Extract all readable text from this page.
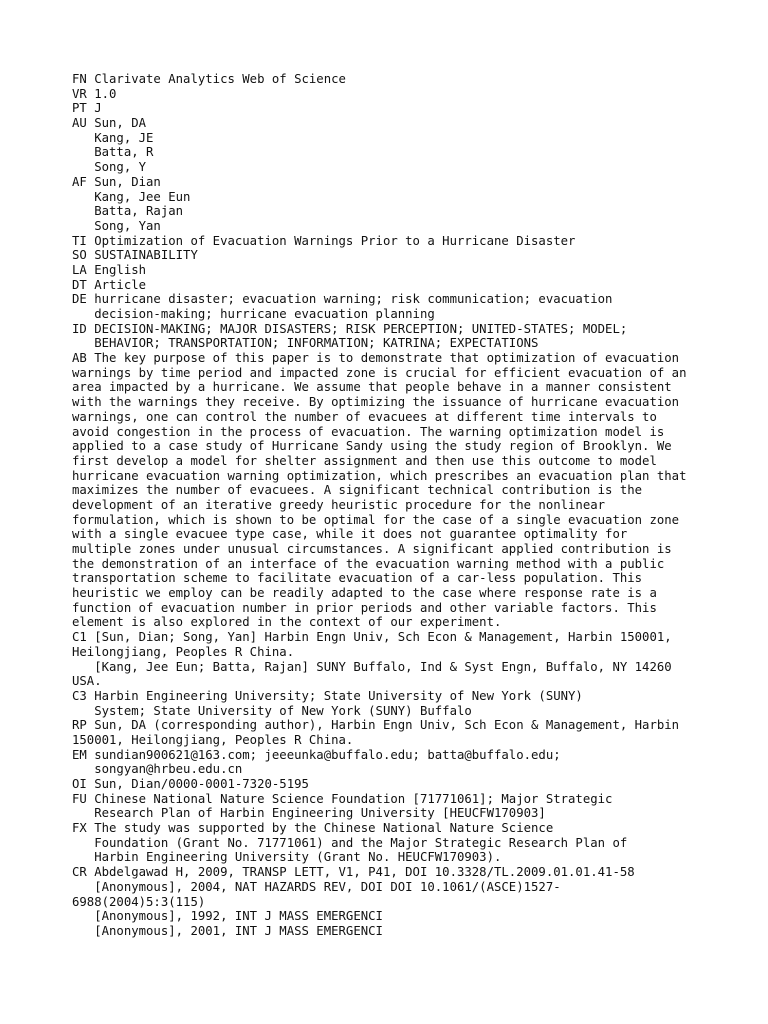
FN Clarivate Analytics Web of Science
VR 1.0
PT J
AU Sun, DA
Kang, JE
Batta, R
Song, Y
AF Sun, Dian
Kang, Jee Eun
Batta, Rajan
Song, Yan
TI Optimization of Evacuation Warnings Prior to a Hurricane Disaster
SO SUSTAINABILITY
LA English
DT Article
DE hurricane disaster; evacuation warning; risk communication; evacuation
decision-making; hurricane evacuation planning
ID DECISION-MAKING; MAJOR DISASTERS; RISK PERCEPTION; UNITED-STATES; MODEL;
BEHAVIOR; TRANSPORTATION; INFORMATION; KATRINA; EXPECTATIONS
AB The key purpose of this paper is to demonstrate that optimization of evacuation
warnings by time period and impacted zone is crucial for efficient evacuation of an
area impacted by a hurricane. We assume that people behave in a manner consistent
with the warnings they receive. By optimizing the issuance of hurricane evacuation
warnings, one can control the number of evacuees at different time intervals to
avoid congestion in the process of evacuation. The warning optimization model is
applied to a case study of Hurricane Sandy using the study region of Brooklyn. We
first develop a model for shelter assignment and then use this outcome to model
hurricane evacuation warning optimization, which prescribes an evacuation plan that
maximizes the number of evacuees. A significant technical contribution is the
development of an iterative greedy heuristic procedure for the nonlinear
formulation, which is shown to be optimal for the case of a single evacuation zone
with a single evacuee type case, while it does not guarantee optimality for
multiple zones under unusual circumstances. A significant applied contribution is
the demonstration of an interface of the evacuation warning method with a public
transportation scheme to facilitate evacuation of a car-less population. This
heuristic we employ can be readily adapted to the case where response rate is a
function of evacuation number in prior periods and other variable factors. This
element is also explored in the context of our experiment.
C1 [Sun, Dian; Song, Yan] Harbin Engn Univ, Sch Econ & Management, Harbin 150001,
Heilongjiang, Peoples R China.
[Kang, Jee Eun; Batta, Rajan] SUNY Buffalo, Ind & Syst Engn, Buffalo, NY 14260
USA.
C3 Harbin Engineering University; State University of New York (SUNY)
System; State University of New York (SUNY) Buffalo
RP Sun, DA (corresponding author), Harbin Engn Univ, Sch Econ & Management, Harbin
150001, Heilongjiang, Peoples R China.
EM sundian900621@163.com; jeeeunka@buffalo.edu; batta@buffalo.edu;
songyan@hrbeu.edu.cn
OI Sun, Dian/0000-0001-7320-5195
FU Chinese National Nature Science Foundation [71771061]; Major Strategic
Research Plan of Harbin Engineering University [HEUCFW170903]
FX The study was supported by the Chinese National Nature Science
Foundation (Grant No. 71771061) and the Major Strategic Research Plan of
Harbin Engineering University (Grant No. HEUCFW170903).
CR Abdelgawad H, 2009, TRANSP LETT, V1, P41, DOI 10.3328/TL.2009.01.01.41-58
[Anonymous], 2004, NAT HAZARDS REV, DOI DOI 10.1061/(ASCE)1527-
6988(2004)5:3(115)
[Anonymous], 1992, INT J MASS EMERGENCI
[Anonymous], 2001, INT J MASS EMERGENCI
